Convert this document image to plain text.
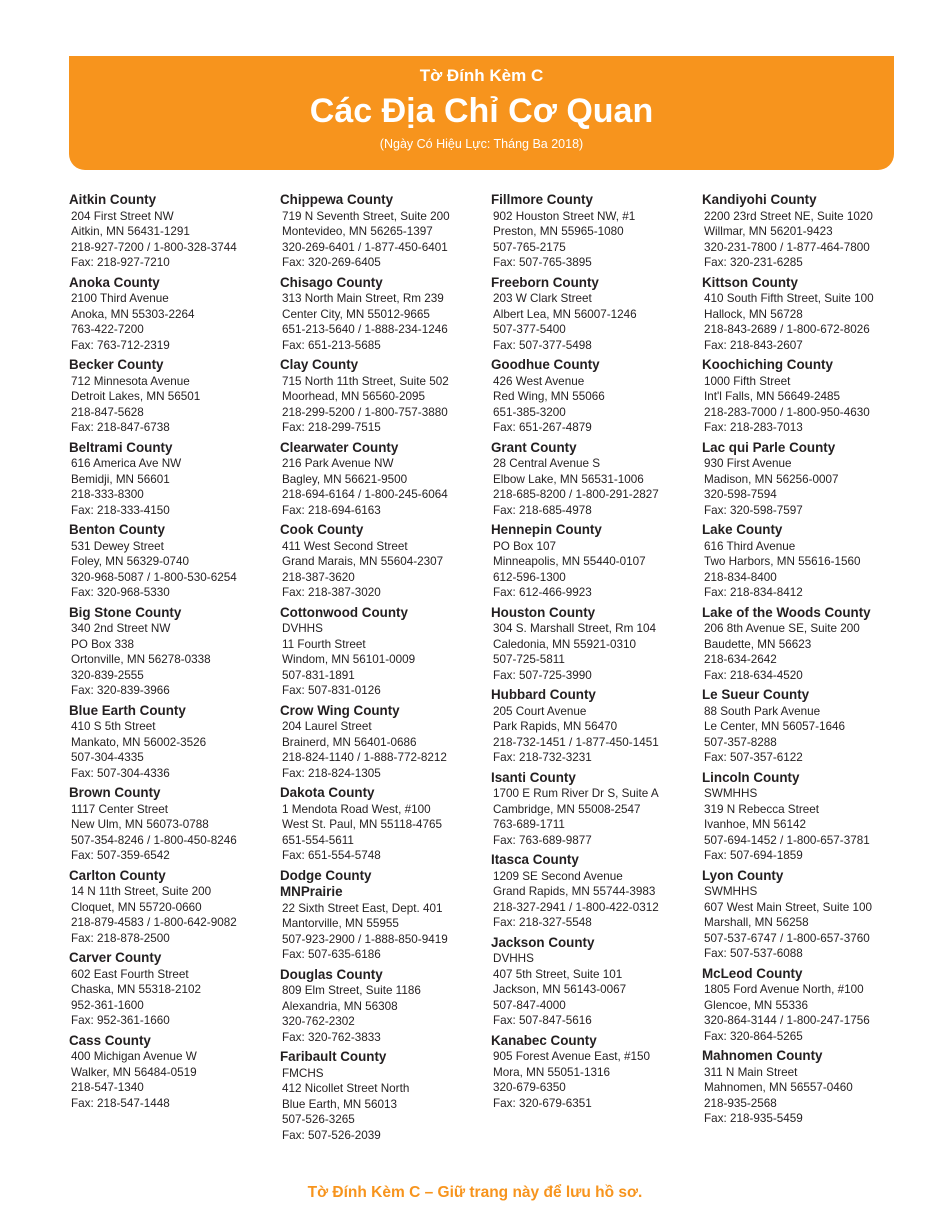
Tờ Đính Kèm C
Các Địa Chỉ Cơ Quan
(Ngày Có Hiệu Lực: Tháng Ba 2018)
Aitkin County
204 First Street NW
Aitkin, MN 56431-1291
218-927-7200 / 1-800-328-3744
Fax: 218-927-7210
Anoka County
2100 Third Avenue
Anoka, MN 55303-2264
763-422-7200
Fax: 763-712-2319
Becker County
712 Minnesota Avenue
Detroit Lakes, MN 56501
218-847-5628
Fax: 218-847-6738
Beltrami County
616 America Ave NW
Bemidji, MN 56601
218-333-8300
Fax: 218-333-4150
Benton County
531 Dewey Street
Foley, MN 56329-0740
320-968-5087 / 1-800-530-6254
Fax: 320-968-5330
Big Stone County
340 2nd Street NW
PO Box 338
Ortonville, MN 56278-0338
320-839-2555
Fax: 320-839-3966
Blue Earth County
410 S 5th Street
Mankato, MN 56002-3526
507-304-4335
Fax: 507-304-4336
Brown County
1117 Center Street
New Ulm, MN 56073-0788
507-354-8246 / 1-800-450-8246
Fax: 507-359-6542
Carlton County
14 N 11th Street, Suite 200
Cloquet, MN 55720-0660
218-879-4583 / 1-800-642-9082
Fax: 218-878-2500
Carver County
602 East Fourth Street
Chaska, MN 55318-2102
952-361-1600
Fax: 952-361-1660
Cass County
400 Michigan Avenue W
Walker, MN 56484-0519
218-547-1340
Fax: 218-547-1448
Chippewa County
719 N Seventh Street, Suite 200
Montevideo, MN 56265-1397
320-269-6401 / 1-877-450-6401
Fax: 320-269-6405
Chisago County
313 North Main Street, Rm 239
Center City, MN 55012-9665
651-213-5640 / 1-888-234-1246
Fax: 651-213-5685
Clay County
715 North 11th Street, Suite 502
Moorhead, MN 56560-2095
218-299-5200 / 1-800-757-3880
Fax: 218-299-7515
Clearwater County
216 Park Avenue NW
Bagley, MN 56621-9500
218-694-6164 / 1-800-245-6064
Fax: 218-694-6163
Cook County
411 West Second Street
Grand Marais, MN 55604-2307
218-387-3620
Fax: 218-387-3020
Cottonwood County
DVHHS
11 Fourth Street
Windom, MN 56101-0009
507-831-1891
Fax: 507-831-0126
Crow Wing County
204 Laurel Street
Brainerd, MN 56401-0686
218-824-1140 / 1-888-772-8212
Fax: 218-824-1305
Dakota County
1 Mendota Road West, #100
West St. Paul, MN 55118-4765
651-554-5611
Fax: 651-554-5748
Dodge County
MNPrairie
22 Sixth Street East, Dept. 401
Mantorville, MN 55955
507-923-2900 / 1-888-850-9419
Fax: 507-635-6186
Douglas County
809 Elm Street, Suite 1186
Alexandria, MN 56308
320-762-2302
Fax: 320-762-3833
Faribault County
FMCHS
412 Nicollet Street North
Blue Earth, MN 56013
507-526-3265
Fax: 507-526-2039
Fillmore County
902 Houston Street NW, #1
Preston, MN 55965-1080
507-765-2175
Fax: 507-765-3895
Freeborn County
203 W Clark Street
Albert Lea, MN 56007-1246
507-377-5400
Fax: 507-377-5498
Goodhue County
426 West Avenue
Red Wing, MN 55066
651-385-3200
Fax: 651-267-4879
Grant County
28 Central Avenue S
Elbow Lake, MN 56531-1006
218-685-8200 / 1-800-291-2827
Fax: 218-685-4978
Hennepin County
PO Box 107
Minneapolis, MN 55440-0107
612-596-1300
Fax: 612-466-9923
Houston County
304 S. Marshall Street, Rm 104
Caledonia, MN 55921-0310
507-725-5811
Fax: 507-725-3990
Hubbard County
205 Court Avenue
Park Rapids, MN 56470
218-732-1451 / 1-877-450-1451
Fax: 218-732-3231
Isanti County
1700 E Rum River Dr S, Suite A
Cambridge, MN 55008-2547
763-689-1711
Fax: 763-689-9877
Itasca County
1209 SE Second Avenue
Grand Rapids, MN 55744-3983
218-327-2941 / 1-800-422-0312
Fax: 218-327-5548
Jackson County
DVHHS
407 5th Street, Suite 101
Jackson, MN 56143-0067
507-847-4000
Fax: 507-847-5616
Kanabec County
905 Forest Avenue East, #150
Mora, MN 55051-1316
320-679-6350
Fax: 320-679-6351
Kandiyohi County
2200 23rd Street NE, Suite 1020
Willmar, MN 56201-9423
320-231-7800 / 1-877-464-7800
Fax: 320-231-6285
Kittson County
410 South Fifth Street, Suite 100
Hallock, MN 56728
218-843-2689 / 1-800-672-8026
Fax: 218-843-2607
Koochiching County
1000 Fifth Street
Int'l Falls, MN 56649-2485
218-283-7000 / 1-800-950-4630
Fax: 218-283-7013
Lac qui Parle County
930 First Avenue
Madison, MN 56256-0007
320-598-7594
Fax: 320-598-7597
Lake County
616 Third Avenue
Two Harbors, MN 55616-1560
218-834-8400
Fax: 218-834-8412
Lake of the Woods County
206 8th Avenue SE, Suite 200
Baudette, MN 56623
218-634-2642
Fax: 218-634-4520
Le Sueur County
88 South Park Avenue
Le Center, MN 56057-1646
507-357-8288
Fax: 507-357-6122
Lincoln County
SWMHHS
319 N Rebecca Street
Ivanhoe, MN 56142
507-694-1452 / 1-800-657-3781
Fax: 507-694-1859
Lyon County
SWMHHS
607 West Main Street, Suite 100
Marshall, MN 56258
507-537-6747 / 1-800-657-3760
Fax: 507-537-6088
McLeod County
1805 Ford Avenue North, #100
Glencoe, MN 55336
320-864-3144 / 1-800-247-1756
Fax: 320-864-5265
Mahnomen County
311 N Main Street
Mahnomen, MN 56557-0460
218-935-2568
Fax: 218-935-5459
Tờ Đính Kèm C – Giữ trang này để lưu hồ sơ.
